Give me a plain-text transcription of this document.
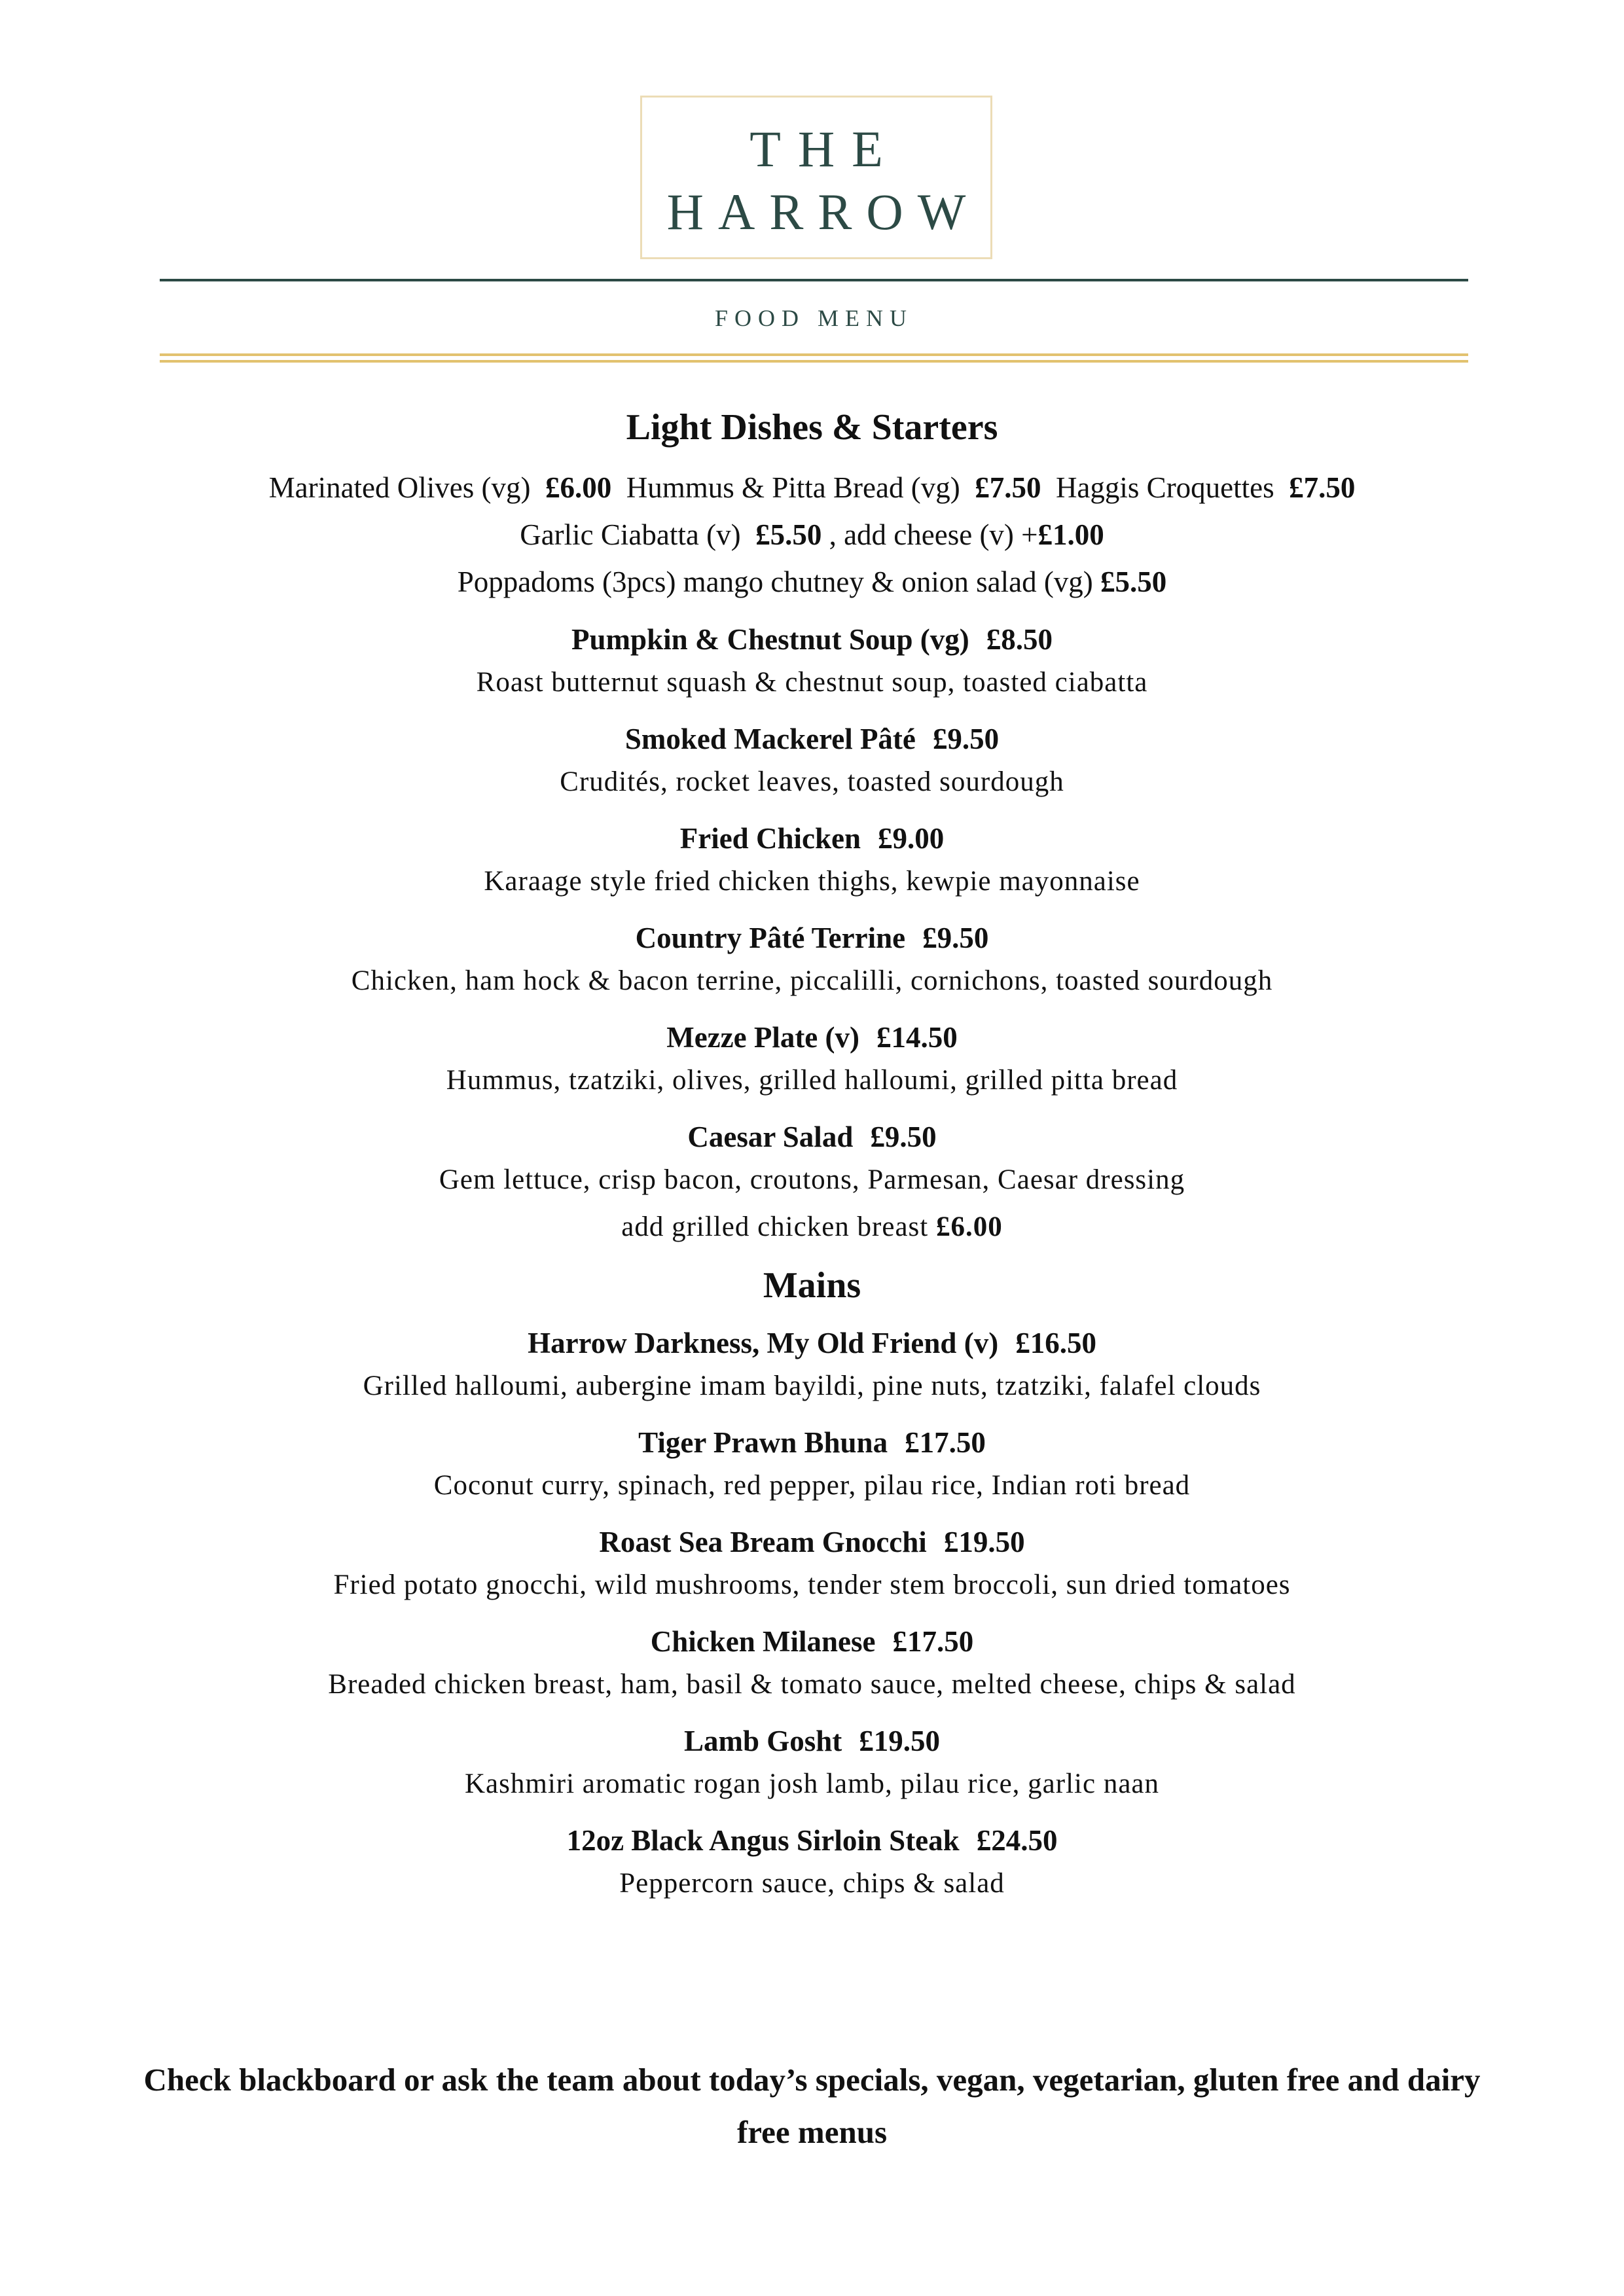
THE
HARROW
FOOD MENU
Light Dishes & Starters
Marinated Olives (vg) £6.00 Hummus & Pitta Bread (vg) £7.50 Haggis Croquettes £7.50
Garlic Ciabatta (v) £5.50 , add cheese (v) +£1.00
Poppadoms (3pcs) mango chutney & onion salad (vg) £5.50
Pumpkin & Chestnut Soup (vg) £8.50
Roast butternut squash & chestnut soup, toasted ciabatta
Smoked Mackerel Pâté £9.50
Crudités, rocket leaves, toasted sourdough
Fried Chicken £9.00
Karaage style fried chicken thighs, kewpie mayonnaise
Country Pâté Terrine £9.50
Chicken, ham hock & bacon terrine, piccalilli, cornichons, toasted sourdough
Mezze Plate (v) £14.50
Hummus, tzatziki, olives, grilled halloumi, grilled pitta bread
Caesar Salad £9.50
Gem lettuce, crisp bacon, croutons, Parmesan, Caesar dressing
add grilled chicken breast £6.00
Mains
Harrow Darkness, My Old Friend (v) £16.50
Grilled halloumi, aubergine imam bayildi, pine nuts, tzatziki, falafel clouds
Tiger Prawn Bhuna £17.50
Coconut curry, spinach, red pepper, pilau rice, Indian roti bread
Roast Sea Bream Gnocchi £19.50
Fried potato gnocchi, wild mushrooms, tender stem broccoli, sun dried tomatoes
Chicken Milanese £17.50
Breaded chicken breast, ham, basil & tomato sauce, melted cheese, chips & salad
Lamb Gosht £19.50
Kashmiri aromatic rogan josh lamb, pilau rice, garlic naan
12oz Black Angus Sirloin Steak £24.50
Peppercorn sauce, chips & salad
Check blackboard or ask the team about today’s specials, vegan, vegetarian, gluten free and dairy free menus
